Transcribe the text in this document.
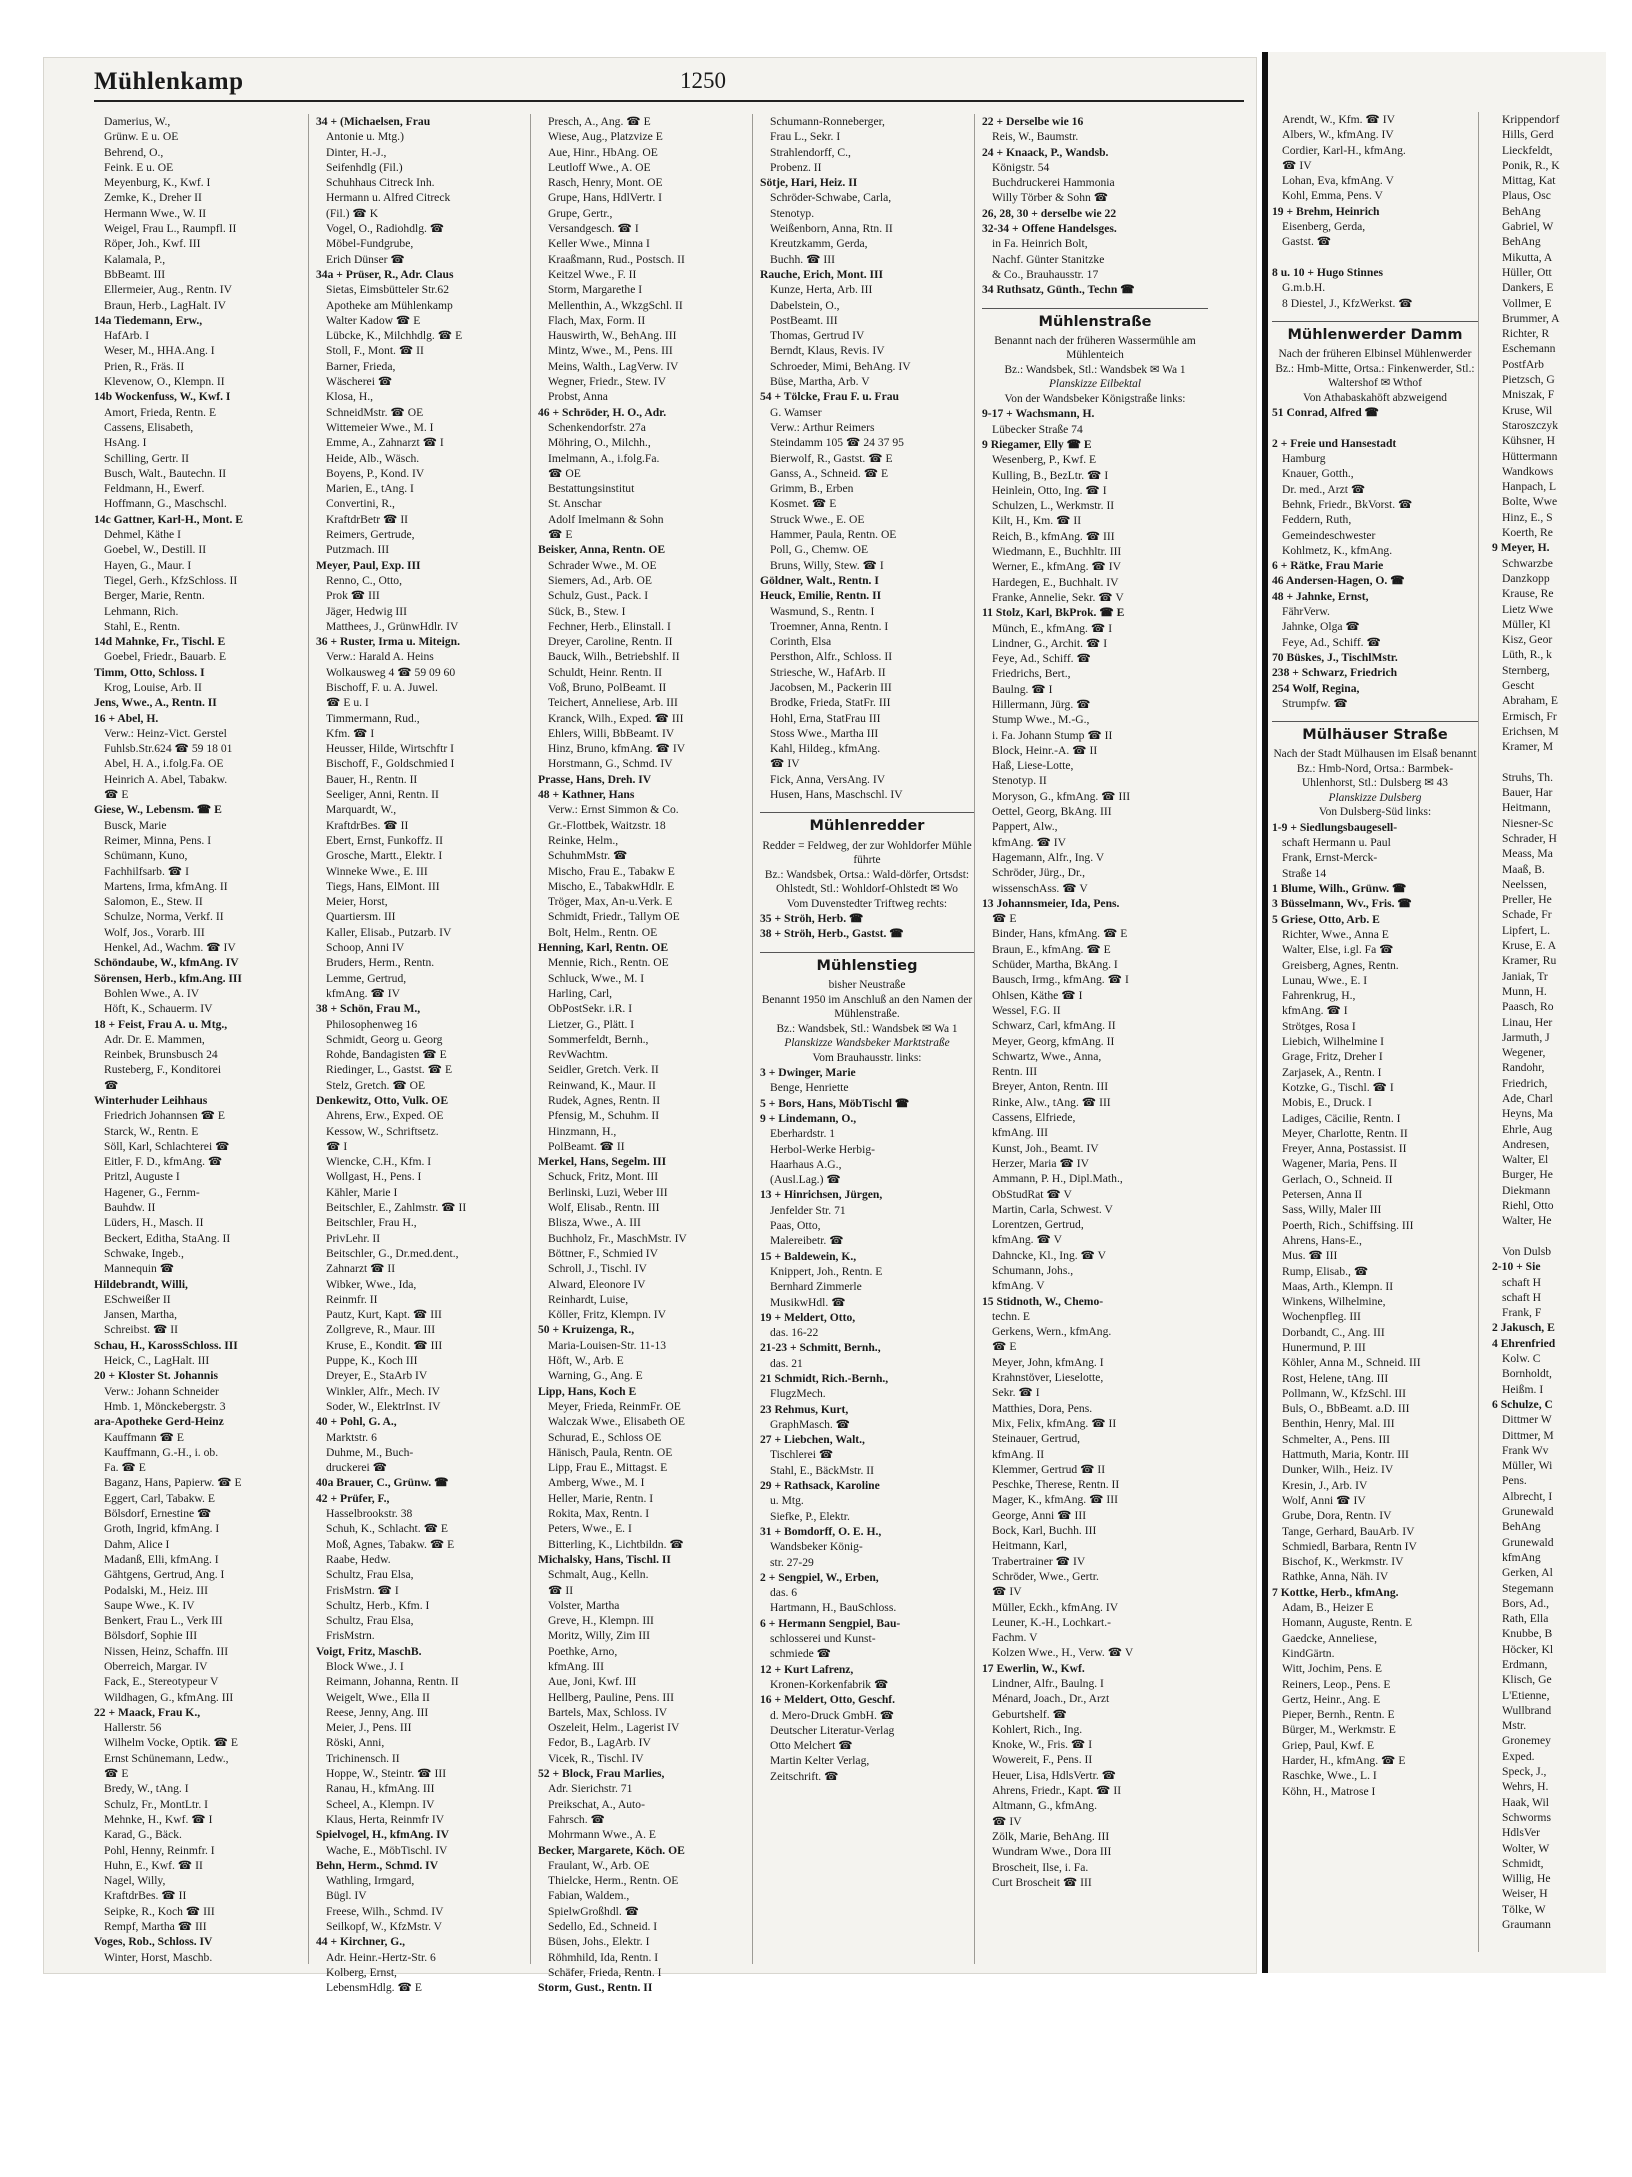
Mühlenkamp	1250
Damerius, W.,
Grünw. E u. OE
Behrend, O.,
Feink. E u. OE
Meyenburg, K., Kwf. I
Zemke, K., Dreher II
Hermann Wwe., W. II
Weigel, Frau L., Raumpfl. II
Röper, Joh., Kwf. III
Kalamala, P.,
BbBeamt. III
Ellermeier, Aug., Rentn. IV
Braun, Herb., LagHalt. IV
14a Tiedemann, Erw.,
HafArb. I
Weser, M., HHA.Ang. I
Prien, R., Fräs. II
Klevenow, O., Klempn. II
14b Wockenfuss, W., Kwf. I
Amort, Frieda, Rentn. E
Cassens, Elisabeth,
HsAng. I
Schilling, Gertr. II
Busch, Walt., Bautechn. II
Feldmann, H., Ewerf.
Hoffmann, G., Maschschl.
14c Gattner, Karl-H., Mont. E
Dehmel, Käthe I
Goebel, W., Destill. II
Hayen, G., Maur. I
Tiegel, Gerh., KfzSchloss. II
Berger, Marie, Rentn.
Lehmann, Rich.
Stahl, E., Rentn.
14d Mahnke, Fr., Tischl. E
Goebel, Friedr., Bauarb. E
Timm, Otto, Schloss. I
Krog, Louise, Arb. II
Jens, Wwe., A., Rentn. II
16 + Abel, H.
Verw.: Heinz-Vict. Gerstel
Fuhlsb.Str.624 ☎ 59 18 01
Abel, H. A., i.folg.Fa. OE
Heinrich A. Abel, Tabakw.
☎ E
Giese, W., Lebensm. ☎ E
Busck, Marie
Reimer, Minna, Pens. I
Schümann, Kuno,
Fachhilfsarb. ☎ I
Martens, Irma, kfmAng. II
Salomon, E., Stew. II
Schulze, Norma, Verkf. II
Wolf, Jos., Vorarb. III
Henkel, Ad., Wachm. ☎ IV
Schöndaube, W., kfmAng. IV
Sörensen, Herb., kfm.Ang. III
Bohlen Wwe., A. IV
Höft, K., Schauerm. IV
18 + Feist, Frau A. u. Mtg.,
Adr. Dr. E. Mammen,
Reinbek, Brunsbusch 24
Rusteberg, F., Konditorei
☎
Winterhuder Leihhaus
Friedrich Johannsen ☎ E
Starck, W., Rentn. E
Söll, Karl, Schlachterei ☎
Eitler, F. D., kfmAng. ☎
Pritzl, Auguste I
Hagener, G., Fernm-
Bauhdw. II
Lüders, H., Masch. II
Beckert, Editha, StaAng. II
Schwake, Ingeb.,
Mannequin ☎
Hildebrandt, Willi,
ESchweißer II
Jansen, Martha,
Schreibst. ☎ II
Schau, H., KarossSchloss. III
Heick, C., LagHalt. III
20 + Kloster St. Johannis
Verw.: Johann Schneider
Hmb. 1, Mönckebergstr. 3
ara-Apotheke Gerd-Heinz
Kauffmann ☎ E
Kauffmann, G.-H., i. ob.
Fa. ☎ E
Baganz, Hans, Papierw. ☎ E
Eggert, Carl, Tabakw. E
Bölsdorf, Ernestine ☎
Groth, Ingrid, kfmAng. I
Dahm, Alice I
Madanß, Elli, kfmAng. I
Gähtgens, Gertrud, Ang. I
Podalski, M., Heiz. III
Saupe Wwe., K. IV
Benkert, Frau L., Verk III
Bölsdorf, Sophie III
Nissen, Heinz, Schaffn. III
Oberreich, Margar. IV
Fack, E., Stereotypeur V
Wildhagen, G., kfmAng. III
22 + Maack, Frau K.,
Hallerstr. 56
Wilhelm Vocke, Optik. ☎ E
Ernst Schünemann, Ledw.,
☎ E
Bredy, W., tAng. I
Schulz, Fr., MontLtr. I
Mehnke, H., Kwf. ☎ I
Karad, G., Bäck.
Pohl, Henny, Reinmfr. I
Huhn, E., Kwf. ☎ II
Nagel, Willy,
KraftdrBes. ☎ II
Seipke, R., Koch ☎ III
Rempf, Martha ☎ III
Voges, Rob., Schloss. IV
Winter, Horst, Maschb.
34 + (Michaelsen, Frau
Antonie u. Mtg.)
Dinter, H.-J.,
Seifenhdlg (Fil.)
Schuhhaus Citreck Inh.
Hermann u. Alfred Citreck
(Fil.) ☎ K
Vogel, O., Radiohdlg. ☎
Möbel-Fundgrube,
Erich Dünser ☎
34a + Prüser, R., Adr. Claus
Sietas, Eimsbütteler Str.62
Apotheke am Mühlenkamp
Walter Kadow ☎ E
Lübcke, K., Milchhdlg. ☎ E
Stoll, F., Mont. ☎ II
Barner, Frieda,
Wäscherei ☎
Klosa, H.,
SchneidMstr. ☎ OE
Wittemeier Wwe., M. I
Emme, A., Zahnarzt ☎ I
Heide, Alb., Wäsch.
Boyens, P., Kond. IV
Marien, E., tAng. I
Convertini, R.,
KraftdrBetr ☎ II
Reimers, Gertrude,
Putzmach. III
Meyer, Paul, Exp. III
Renno, C., Otto,
Prok ☎ III
Jäger, Hedwig III
Matthees, J., GrünwHdlr. IV
36 + Ruster, Irma u. Miteign.
Verw.: Harald A. Heins
Wolkausweg 4 ☎ 59 09 60
Bischoff, F. u. A. Juwel.
☎ E u. I
Timmermann, Rud.,
Kfm. ☎ I
Heusser, Hilde, Wirtschftr I
Bischoff, F., Goldschmied I
Bauer, H., Rentn. II
Seeliger, Anni, Rentn. II
Marquardt, W.,
KraftdrBes. ☎ II
Ebert, Ernst, Funkoffz. II
Grosche, Martt., Elektr. I
Winneke Wwe., E. III
Tiegs, Hans, ElMont. III
Meier, Horst,
Quartiersm. III
Kaller, Elisab., Putzarb. IV
Schoop, Anni IV
Bruders, Herm., Rentn.
Lemme, Gertrud,
kfmAng. ☎ IV
38 + Schön, Frau M.,
Philosophenweg 16
Schmidt, Georg u. Georg
Rohde, Bandagisten ☎ E
Riedinger, L., Gastst. ☎ E
Stelz, Gretch. ☎ OE
Denkewitz, Otto, Vulk. OE
Ahrens, Erw., Exped. OE
Kessow, W., Schriftsetz.
☎ I
Wiencke, C.H., Kfm. I
Wollgast, H., Pens. I
Kähler, Marie I
Beitschler, E., Zahlmstr. ☎ II
Beitschler, Frau H.,
PrivLehr. II
Beitschler, G., Dr.med.dent.,
Zahnarzt ☎ II
Wibker, Wwe., Ida,
Reinmfr. II
Pautz, Kurt, Kapt. ☎ III
Zollgreve, R., Maur. III
Kruse, E., Kondit. ☎ III
Puppe, K., Koch III
Dreyer, E., StaArb IV
Winkler, Alfr., Mech. IV
Soder, W., ElektrInst. IV
40 + Pohl, G. A.,
Marktstr. 6
Duhme, M., Buch-
druckerei ☎
40a Brauer, C., Grünw. ☎
42 + Prüfer, F.,
Hasselbrookstr. 38
Schuh, K., Schlacht. ☎ E
Moß, Agnes, Tabakw. ☎ E
Raabe, Hedw.
Schultz, Frau Elsa,
FrisMstrn. ☎ I
Schultz, Herb., Kfm. I
Schultz, Frau Elsa,
FrisMstrn.
Voigt, Fritz, MaschB.
Block Wwe., J. I
Reimann, Johanna, Rentn. II
Weigelt, Wwe., Ella II
Reese, Jenny, Ang. III
Meier, J., Pens. III
Röski, Anni,
Trichinensch. II
Hoppe, W., Steintr. ☎ III
Ranau, H., kfmAng. III
Scheel, A., Klempn. IV
Klaus, Herta, Reinmfr IV
Spielvogel, H., kfmAng. IV
Wache, E., MöbTischl. IV
Behn, Herm., Schmd. IV
Wathling, Irmgard,
Bügl. IV
Freese, Wilh., Schmd. IV
Seilkopf, W., KfzMstr. V
44 + Kirchner, G.,
Adr. Heinr.-Hertz-Str. 6
Kolberg, Ernst,
LebensmHdlg. ☎ E
Presch, A., Ang. ☎ E
Wiese, Aug., Platzvize E
Aue, Hinr., HbAng. OE
Leutloff Wwe., A. OE
Rasch, Henry, Mont. OE
Grupe, Hans, HdlVertr. I
Grupe, Gertr.,
Versandgesch. ☎ I
Keller Wwe., Minna I
Kraaßmann, Rud., Postsch. II
Keitzel Wwe., F. II
Storm, Margarethe I
Mellenthin, A., WkzgSchl. II
Flach, Max, Form. II
Hauswirth, W., BehAng. III
Mintz, Wwe., M., Pens. III
Meins, Walth., LagVerw. IV
Wegner, Friedr., Stew. IV
Probst, Anna
46 + Schröder, H. O., Adr.
Schenkendorfstr. 27a
Möhring, O., Milchh.,
Imelmann, A., i.folg.Fa.
☎ OE
Bestattungsinstitut
St. Anschar
Adolf Imelmann & Sohn
☎ E
Beisker, Anna, Rentn. OE
Schrader Wwe., M. OE
Siemers, Ad., Arb. OE
Schulz, Gust., Pack. I
Sück, B., Stew. I
Fechner, Herb., Elinstall. I
Dreyer, Caroline, Rentn. II
Bauck, Wilh., Betriebshlf. II
Schuldt, Heinr. Rentn. II
Voß, Bruno, PolBeamt. II
Teichert, Anneliese, Arb. III
Kranck, Wilh., Exped. ☎ III
Ehlers, Willi, BbBeamt. IV
Hinz, Bruno, kfmAng. ☎ IV
Horstmann, G., Schmd. IV
Prasse, Hans, Dreh. IV
48 + Kathner, Hans
Verw.: Ernst Simmon & Co.
Gr.-Flottbek, Waitzstr. 18
Reinke, Helm.,
SchuhmMstr. ☎
Mischo, Frau E., Tabakw E
Mischo, E., TabakwHdlr. E
Tröger, Max, An-u.Verk. E
Schmidt, Friedr., Tallym OE
Bolt, Helm., Rentn. OE
Henning, Karl, Rentn. OE
Mennie, Rich., Rentn. OE
Schluck, Wwe., M. I
Harling, Carl,
ObPostSekr. i.R. I
Lietzer, G., Plätt. I
Sommerfeldt, Bernh.,
RevWachtm.
Seidler, Gretch. Verk. II
Reinwand, K., Maur. II
Rudek, Agnes, Rentn. II
Pfensig, M., Schuhm. II
Hinzmann, H.,
PolBeamt. ☎ II
Merkel, Hans, Segelm. III
Schuck, Fritz, Mont. III
Berlinski, Luzi, Weber III
Wolf, Elisab., Rentn. III
Blisza, Wwe., A. III
Buchholz, Fr., MaschMstr. IV
Böttner, F., Schmied IV
Schroll, J., Tischl. IV
Alward, Eleonore IV
Reinhardt, Luise,
Köller, Fritz, Klempn. IV
50 + Kruizenga, R.,
Maria-Louisen-Str. 11-13
Höft, W., Arb. E
Warning, G., Ang. E
Lipp, Hans, Koch E
Meyer, Frieda, ReinmFr. OE
Walczak Wwe., Elisabeth OE
Schurad, E., Schloss OE
Hänisch, Paula, Rentn. OE
Lipp, Frau E., Mittagst. E
Amberg, Wwe., M. I
Heller, Marie, Rentn. I
Rokita, Max, Rentn. I
Peters, Wwe., E. I
Bitterling, K., Lichtbildn. ☎
Michalsky, Hans, Tischl. II
Schmalt, Aug., Kelln.
☎ II
Volster, Martha
Greve, H., Klempn. III
Moritz, Willy, Zim III
Poethke, Arno,
kfmAng. III
Aue, Joni, Kwf. III
Hellberg, Pauline, Pens. III
Bartels, Max, Schloss. IV
Oszeleit, Helm., Lagerist IV
Fedor, B., LagArb. IV
Vicek, R., Tischl. IV
52 + Block, Frau Marlies,
Adr. Sierichstr. 71
Preikschat, A., Auto-
Fahrsch. ☎
Mohrmann Wwe., A. E
Becker, Margarete, Köch. OE
Fraulant, W., Arb. OE
Thielcke, Herm., Rentn. OE
Fabian, Waldem.,
SpielwGroßhdl. ☎
Sedello, Ed., Schneid. I
Büsen, Johs., Elektr. I
Röhmhild, Ida, Rentn. I
Schäfer, Frieda, Rentn. I
Storm, Gust., Rentn. II
Schumann-Ronneberger,
Frau L., Sekr. I
Strahlendorff, C.,
Probenz. II
Sötje, Hari, Heiz. II
Schröder-Schwabe, Carla,
Stenotyp.
Weißenborn, Anna, Rtn. II
Kreutzkamm, Gerda,
Buchh. ☎ III
Rauche, Erich, Mont. III
Kunze, Herta, Arb. III
Dabelstein, O.,
PostBeamt. III
Thomas, Gertrud IV
Berndt, Klaus, Revis. IV
Schroeder, Mimi, BehAng. IV
Büse, Martha, Arb. V
54 + Tölcke, Frau F. u. Frau
G. Wamser
Verw.: Arthur Reimers
Steindamm 105 ☎ 24 37 95
Bierwolf, R., Gastst. ☎ E
Ganss, A., Schneid. ☎ E
Grimm, B., Erben
Kosmet. ☎ E
Struck Wwe., E. OE
Hammer, Paula, Rentn. OE
Poll, G., Chemw. OE
Bruns, Willy, Stew. ☎ I
Göldner, Walt., Rentn. I
Heuck, Emilie, Rentn. II
Wasmund, S., Rentn. I
Troemner, Anna, Rentn. I
Corinth, Elsa
Persthon, Alfr., Schloss. II
Striesche, W., HafArb. II
Jacobsen, M., Packerin III
Brodke, Frieda, StatFr. III
Hohl, Erna, StatFrau III
Stoss Wwe., Martha III
Kahl, Hildeg., kfmAng.
☎ IV
Fick, Anna, VersAng. IV
Husen, Hans, Maschschl. IV
Mühlenredder
Redder = Feldweg, der zur Wohldorfer Mühle führte
Bz.: Wandsbek, Ortsa.: Wald-dörfer, Ortsdst: Ohlstedt, Stl.: Wohldorf-Ohlstedt ✉ Wo
Vom Duvenstedter Triftweg rechts:
35 + Ströh, Herb. ☎
38 + Ströh, Herb., Gastst. ☎
Mühlenstieg
bisher Neustraße
Benannt 1950 im Anschluß an den Namen der Mühlenstraße.
Bz.: Wandsbek, Stl.: Wandsbek ✉ Wa 1
Planskizze Wandsbeker Marktstraße
Vom Brauhausstr. links:
3 + Dwinger, Marie
Benge, Henriette
5 + Bors, Hans, MöbTischl ☎
9 + Lindemann, O.,
Eberhardstr. 1
Herbol-Werke Herbig-
Haarhaus A.G.,
(Ausl.Lag.) ☎
13 + Hinrichsen, Jürgen,
Jenfelder Str. 71
Paas, Otto,
Malereibetr. ☎
15 + Baldewein, K.,
Knippert, Joh., Rentn. E
Bernhard Zimmerle
MusikwHdl. ☎
19 + Meldert, Otto,
das. 16-22
21-23 + Schmitt, Bernh.,
das. 21
21 Schmidt, Rich.-Bernh.,
FlugzMech.
23 Rehmus, Kurt,
GraphMasch. ☎
27 + Liebchen, Walt.,
Tischlerei ☎
Stahl, E., BäckMstr. II
29 + Rathsack, Karoline
u. Mtg.
Siefke, P., Elektr.
31 + Bomdorff, O. E. H.,
Wandsbeker König-
str. 27-29
2 + Sengpiel, W., Erben,
das. 6
Hartmann, H., BauSchloss.
6 + Hermann Sengpiel, Bau-
schlosserei und Kunst-
schmiede ☎
12 + Kurt Lafrenz,
Kronen-Korkenfabrik ☎
16 + Meldert, Otto, Geschf.
d. Mero-Druck GmbH. ☎
Deutscher Literatur-Verlag
Otto Melchert ☎
Martin Kelter Verlag,
Zeitschrift. ☎
22 + Derselbe wie 16
Reis, W., Baumstr.
24 + Knaack, P., Wandsb.
Königstr. 54
Buchdruckerei Hammonia
Willy Törber & Sohn ☎
26, 28, 30 + derselbe wie 22
32-34 + Offene Handelsges.
in Fa. Heinrich Bolt,
Nachf. Günter Stanitzke
& Co., Brauhausstr. 17
34 Ruthsatz, Günth., Techn ☎
Mühlenstraße
Benannt nach der früheren Wassermühle am Mühlenteich
Bz.: Wandsbek, Stl.: Wandsbek ✉ Wa 1
Planskizze Eilbektal
Von der Wandsbeker Königstraße links:
9-17 + Wachsmann, H.
Lübecker Straße 74
9 Riegamer, Elly ☎ E
Wesenberg, P., Kwf. E
Kulling, B., BezLtr. ☎ I
Heinlein, Otto, Ing. ☎ I
Schulzen, L., Werkmstr. II
Kilt, H., Km. ☎ II
Reich, B., kfmAng. ☎ III
Wiedmann, E., Buchhltr. III
Werner, E., kfmAng. ☎ IV
Hardegen, E., Buchhalt. IV
Franke, Annelie, Sekr. ☎ V
11 Stolz, Karl, BkProk. ☎ E
Münch, E., kfmAng. ☎ I
Lindner, G., Archit. ☎ I
Feye, Ad., Schiff. ☎
Friedrichs, Bert.,
Baulng. ☎ I
Hillermann, Jürg. ☎
Stump Wwe., M.-G.,
i. Fa. Johann Stump ☎ II
Block, Heinr.-A. ☎ II
Haß, Liese-Lotte,
Stenotyp. II
Moryson, G., kfmAng. ☎ III
Oettel, Georg, BkAng. III
Pappert, Alw.,
kfmAng. ☎ IV
Hagemann, Alfr., Ing. V
Schröder, Jürg., Dr.,
wissenschAss. ☎ V
13 Johannsmeier, Ida, Pens.
☎ E
Binder, Hans, kfmAng. ☎ E
Braun, E., kfmAng. ☎ E
Schüder, Martha, BkAng. I
Bausch, Irmg., kfmAng. ☎ I
Ohlsen, Käthe ☎ I
Wessel, F.G. II
Schwarz, Carl, kfmAng. II
Meyer, Georg, kfmAng. II
Schwartz, Wwe., Anna,
Rentn. III
Breyer, Anton, Rentn. III
Rinke, Alw., tAng. ☎ III
Cassens, Elfriede,
kfmAng. III
Kunst, Joh., Beamt. IV
Herzer, Maria ☎ IV
Ammann, P. H., Dipl.Math.,
ObStudRat ☎ V
Martin, Carla, Schwest. V
Lorentzen, Gertrud,
kfmAng. ☎ V
Dahncke, Kl., Ing. ☎ V
Schumann, Johs.,
kfmAng. V
15 Stidnoth, W., Chemo-
techn. E
Gerkens, Wern., kfmAng.
☎ E
Meyer, John, kfmAng. I
Krahnstöver, Lieselotte,
Sekr. ☎ I
Matthies, Dora, Pens.
Mix, Felix, kfmAng. ☎ II
Steinauer, Gertrud,
kfmAng. II
Klemmer, Gertrud ☎ II
Peschke, Therese, Rentn. II
Mager, K., kfmAng. ☎ III
George, Anni ☎ III
Bock, Karl, Buchh. III
Heitmann, Karl,
Trabertrainer ☎ IV
Schröder, Wwe., Gertr.
☎ IV
Müller, Eckh., kfmAng. IV
Leuner, K.-H., Lochkart.-
Fachm. V
Kolzen Wwe., H., Verw. ☎ V
17 Ewerlin, W., Kwf.
Lindner, Alfr., Baulng. I
Ménard, Joach., Dr., Arzt
Geburtshelf. ☎
Kohlert, Rich., Ing.
Knoke, W., Fris. ☎ I
Wowereit, F., Pens. II
Heuer, Lisa, HdlsVertr. ☎
Ahrens, Friedr., Kapt. ☎ II
Altmann, G., kfmAng.
☎ IV
Zölk, Marie, BehAng. III
Wundram Wwe., Dora III
Broscheit, Ilse, i. Fa.
Curt Broscheit ☎ III
Arendt, W., Kfm. ☎ IV
Albers, W., kfmAng. IV
Cordier, Karl-H., kfmAng.
☎ IV
Lohan, Eva, kfmAng. V
Kohl, Emma, Pens. V
19 + Brehm, Heinrich
Eisenberg, Gerda,
Gastst. ☎

8 u. 10 + Hugo Stinnes
G.m.b.H.
8 Diestel, J., KfzWerkst. ☎
Mühlenwerder Damm
Nach der früheren Elbinsel Mühlenwerder
Bz.: Hmb-Mitte, Ortsa.: Finkenwerder, Stl.: Waltershof ✉ Wthof
Von Athabaskahöft abzweigend
51 Conrad, Alfred ☎

2 + Freie und Hansestadt
Hamburg
Knauer, Gotth.,
Dr. med., Arzt ☎
Behnk, Friedr., BkVorst. ☎
Feddern, Ruth,
Gemeindeschwester
Kohlmetz, K., kfmAng.
6 + Rätke, Frau Marie
46 Andersen-Hagen, O. ☎
48 + Jahnke, Ernst,
FährVerw.
Jahnke, Olga ☎
Feye, Ad., Schiff. ☎
70 Büskes, J., TischlMstr.
238 + Schwarz, Friedrich
254 Wolf, Regina,
Strumpfw. ☎
Mülhäuser Straße
Nach der Stadt Mülhausen im Elsaß benannt
Bz.: Hmb-Nord, Ortsa.: Barmbek-Uhlenhorst, Stl.: Dulsberg ✉ 43
Planskizze Dulsberg
Von Dulsberg-Süd links:
1-9 + Siedlungsbaugesell-
schaft Hermann u. Paul
Frank, Ernst-Merck-
Straße 14
1 Blume, Wilh., Grünw. ☎
3 Büsselmann, Wv., Fris. ☎
5 Griese, Otto, Arb. E
Richter, Wwe., Anna E
Walter, Else, i.gl. Fa ☎
Greisberg, Agnes, Rentn.
Lunau, Wwe., E. I
Fahrenkrug, H.,
kfmAng. ☎ I
Strötges, Rosa I
Liebich, Wilhelmine I
Grage, Fritz, Dreher I
Zarjasek, A., Rentn. I
Kotzke, G., Tischl. ☎ I
Mobis, E., Druck. I
Ladiges, Cäcilie, Rentn. I
Meyer, Charlotte, Rentn. II
Freyer, Anna, Postassist. II
Wagener, Maria, Pens. II
Gerlach, O., Schneid. II
Petersen, Anna II
Sass, Willy, Maler III
Poerth, Rich., Schiffsing. III
Ahrens, Hans-E.,
Mus. ☎ III
Rump, Elisab., ☎
Maas, Arth., Klempn. II
Winkens, Wilhelmine,
Wochenpfleg. III
Dorbandt, C., Ang. III
Hunermund, P. III
Köhler, Anna M., Schneid. III
Rost, Helene, tAng. III
Pollmann, W., KfzSchl. III
Buls, O., BbBeamt. a.D. III
Benthin, Henry, Mal. III
Schmelter, A., Pens. III
Hattmuth, Maria, Kontr. III
Dunker, Wilh., Heiz. IV
Kresin, J., Arb. IV
Wolf, Anni ☎ IV
Grube, Dora, Rentn. IV
Tange, Gerhard, BauArb. IV
Schmiedl, Barbara, Rentn IV
Bischof, K., Werkmstr. IV
Rathke, Anna, Näh. IV
7 Kottke, Herb., kfmAng.
Adam, B., Heizer E
Homann, Auguste, Rentn. E
Gaedcke, Anneliese,
KindGärtn.
Witt, Jochim, Pens. E
Reiners, Leop., Pens. E
Gertz, Heinr., Ang. E
Pieper, Bernh., Rentn. E
Bürger, M., Werkmstr. E
Griep, Paul, Kwf. E
Harder, H., kfmAng. ☎ E
Raschke, Wwe., L. I
Köhn, H., Matrose I
Krippendorf
Hills, Gerd
Lieckfeldt,
Ponik, R., K
Mittag, Kat
Plaus, Osc
BehAng
Gabriel, W
BehAng
Mikutta, A
Hüller, Ott
Dankers, E
Vollmer, E
Brummer, A
Richter, R
Eschemann
PostfArb
Pietzsch, G
Mniszak, F
Kruse, Wil
Staroszczyk
Kühsner, H
Hüttermann
Wandkows
Hanpach, L
Bolte, Wwe
Hinz, E., S
Koerth, Re
9 Meyer, H.
Schwarzbe
Danzkopp
Krause, Re
Lietz Wwe
Müller, Kl
Kisz, Geor
Lüth, R., k
Sternberg,
Gescht
Abraham, E
Ermisch, Fr
Erichsen, M
Kramer, M

Struhs, Th.
Bauer, Har
Heitmann,
Niesner-Sc
Schrader, H
Meass, Ma
Maaß, B.
Neelssen,
Preller, He
Schade, Fr
Lipfert, L.
Kruse, E. A
Kramer, Ru
Janiak, Tr
Munn, H.
Paasch, Ro
Linau, Her
Jarmuth, J
Wegener,
Randohr,
Friedrich,
Ade, Charl
Heyns, Ma
Ehrle, Aug
Andresen,
Walter, El
Burger, He
Diekmann
Riehl, Otto
Walter, He

Von Dulsb
2-10 + Sie
schaft H
schaft H
Frank, F
2 Jakusch, E
4 Ehrenfried
Kolw. C
Bornholdt,
Heißm. I
6 Schulze, C
Dittmer W
Dittmer, M
Frank Wv
Müller, Wi
Pens.
Albrecht, I
Grunewald
BehAng
Grunewald
kfmAng
Gerken, Al
Stegemann
Bors, Ad.,
Rath, Ella
Knubbe, B
Höcker, Kl
Erdmann,
Klisch, Ge
L'Etienne,
Wullbrand
Mstr.
Gronemey
Exped.
Speck, J.,
Wehrs, H.
Haak, Wil
Schworms
HdlsVer
Wolter, W
Schmidt,
Willig, He
Weiser, H
Tölke, W
Graumann
